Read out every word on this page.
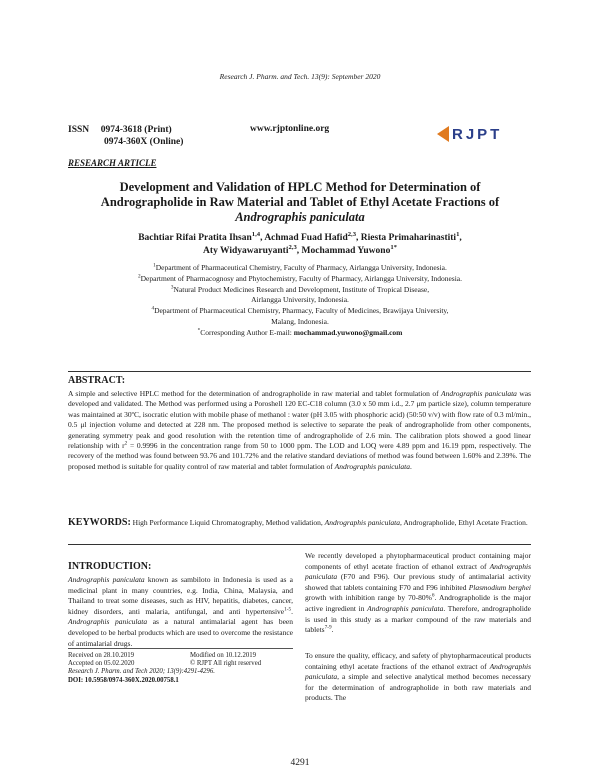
Research J. Pharm. and Tech. 13(9): September 2020
ISSN 0974-3618 (Print)
0974-360X (Online)
www.rjptonline.org	RJPT
RESEARCH ARTICLE
Development and Validation of HPLC Method for Determination of
Andrographolide in Raw Material and Tablet of Ethyl Acetate Fractions of
Andrographis paniculata
Bachtiar Rifai Pratita Ihsan$^{1,4}$, Achmad Fuad Hafid$^{2,3}$, Riesta Primaharinastiti$^1$,
Aty Widyawaruyanti$^{2,3}$, Mochammad Yuwono$^{1*}$
$^1$Department of Pharmaceutical Chemistry, Faculty of Pharmacy, Airlangga University, Indonesia.
$^2$Department of Pharmacognosy and Phytochemistry, Faculty of Pharmacy, Airlangga University, Indonesia.
$^3$Natural Product Medicines Research and Development, Institute of Tropical Disease,
Airlangga University, Indonesia.
$^4$Department of Pharmaceutical Chemistry, Pharmacy, Faculty of Medicines, Brawijaya University,
Malang, Indonesia.
*Corresponding Author E-mail: mochammad.yuwono@gmail.com
ABSTRACT:
A simple and selective HPLC method for the determination of andrographolide in raw material and tablet formulation of Andrographis paniculata was developed and validated. The Method was performed using a Poroshell 120 EC-C18 column (3.0 x 50 mm i.d., 2.7 μm particle size), column temperature was maintained at 30ºC, isocratic elution with mobile phase of methanol : water (pH 3.05 with phosphoric acid) (50:50 v/v) with flow rate of 0.3 ml/min., 0.5 μl injection volume and detected at 228 nm. The proposed method is selective to separate the peak of andrographolide from other components, generating symmetry peak and good resolution with the retention time of andrographolide of 2.6 min. The calibration plots showed a good linear relationship with $r^2 = 0.9996$ in the concentration range from 50 to 1000 ppm. The LOD and LOQ were 4.89 ppm and 16.19 ppm, respectively. The recovery of the method was found between 93.76 and 101.72% and the relative standard deviations of method was found between 1.60% and 2.39%. The proposed method is suitable for quality control of raw material and tablet formulation of Andrographis paniculata.
KEYWORDS: High Performance Liquid Chromatography, Method validation, Andrographis paniculata, Andrographolide, Ethyl Acetate Fraction.
INTRODUCTION:
Andrographis paniculata known as sambiloto in Indonesia is used as a medicinal plant in many countries, e.g. India, China, Malaysia, and Thailand to treat some diseases, such as HIV, hepatitis, diabetes, cancer, kidney disorders, anti malaria, antifungal, and anti hypertensive$^{1-5}$. Andrographis paniculata as a natural antimalarial agent has been developed to be herbal products which are used to overcome the resistance of antimalarial drugs.
We recently developed a phytopharmaceutical product containing major components of ethyl acetate fraction of ethanol extract of Andrographis paniculata (F70 and F96). Our previous study of antimalarial activity showed that tablets containing F70 and F96 inhibited Plasmodium berghei growth with inhibition range by 70-80%$^6$. Andrographolide is the major active ingredient in Andrographis paniculata. Therefore, andrographolide is used in this study as a marker compound of the raw materials and tablets$^{7-9}$.
To ensure the quality, efficacy, and safety of phytopharmaceutical products containing ethyl acetate fractions of the ethanol extract of Andrographis paniculata, a simple and selective analytical method becomes necessary for the determination of andrographolide in both raw materials and products. The
Received on 28.10.2019	Modified on 10.12.2019
Accepted on 05.02.2020	© RJPT All right reserved
Research J. Pharm. and Tech 2020; 13(9):4291-4296.
DOI: 10.5958/0974-360X.2020.00758.1
4291
